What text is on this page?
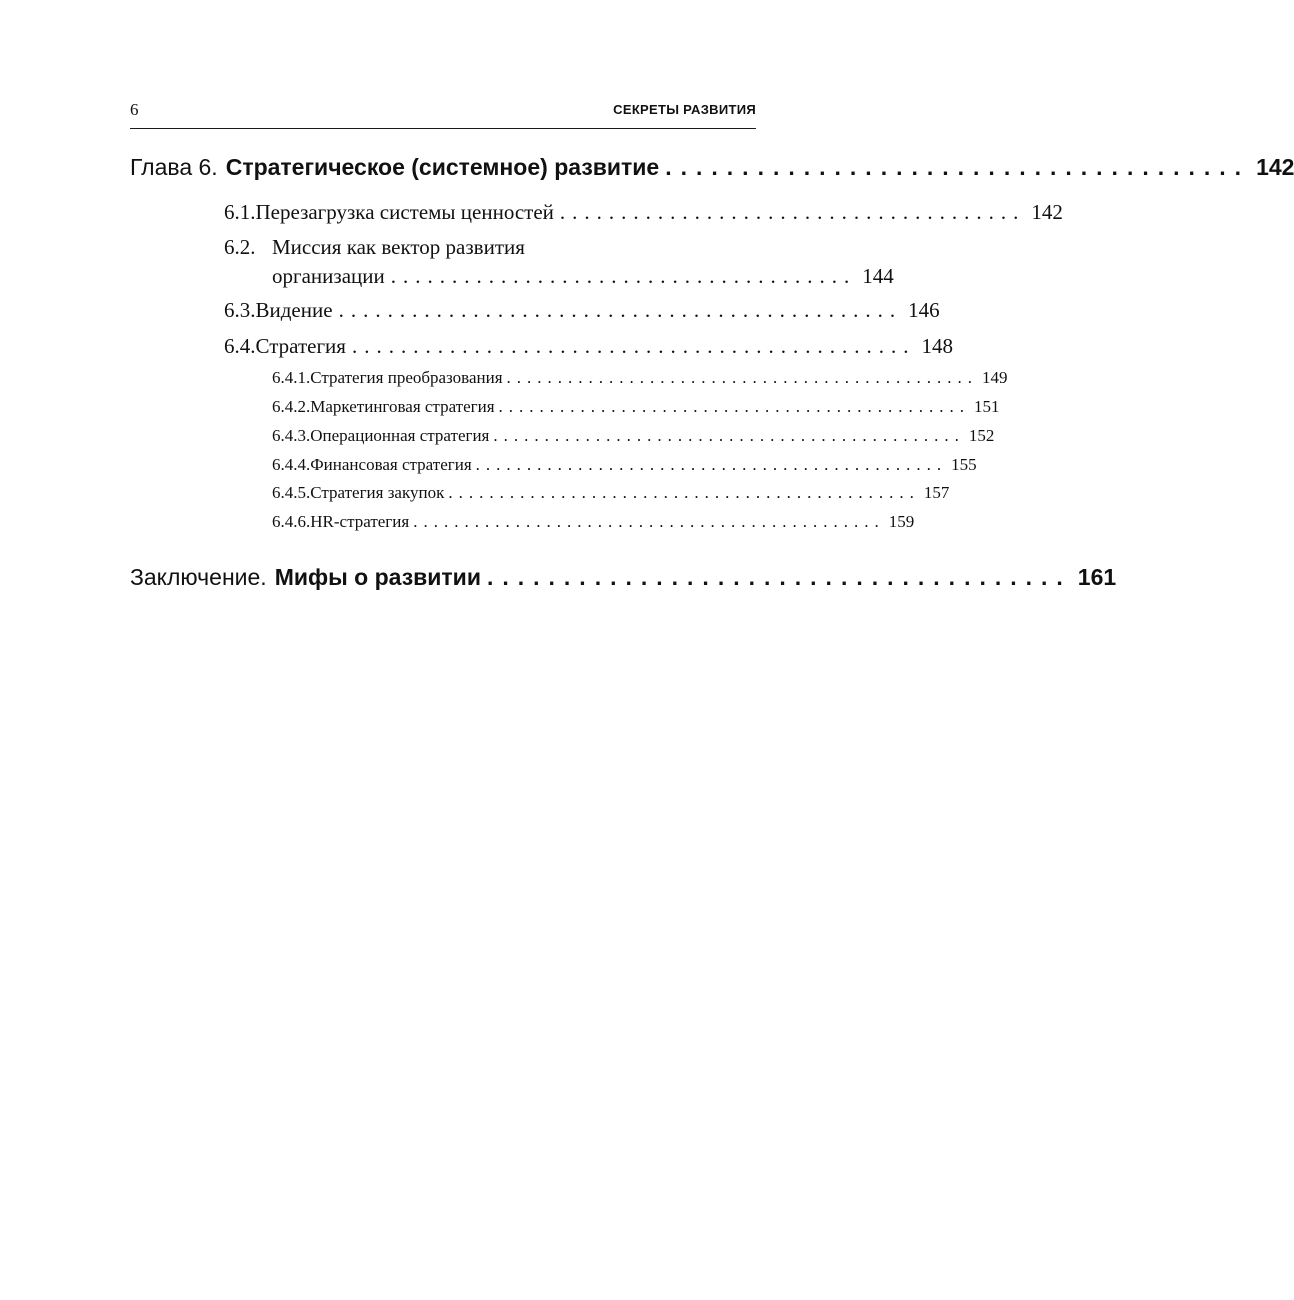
6	СЕКРЕТЫ РАЗВИТИЯ
Глава 6. Стратегическое (системное) развитие ...................................... 142
6.1. Перезагрузка системы ценностей ...................................... 142
6.2. Миссия как вектор развития
организации ...................................... 144
6.3. Видение .............................................. 146
6.4. Стратегия .............................................. 148
6.4.1. Стратегия преобразования .............................................. 149
6.4.2. Маркетинговая стратегия .............................................. 151
6.4.3. Операционная стратегия .............................................. 152
6.4.4. Финансовая стратегия .............................................. 155
6.4.5. Стратегия закупок .............................................. 157
6.4.6. HR-стратегия .............................................. 159
Заключение. Мифы о развитии ...................................... 161
